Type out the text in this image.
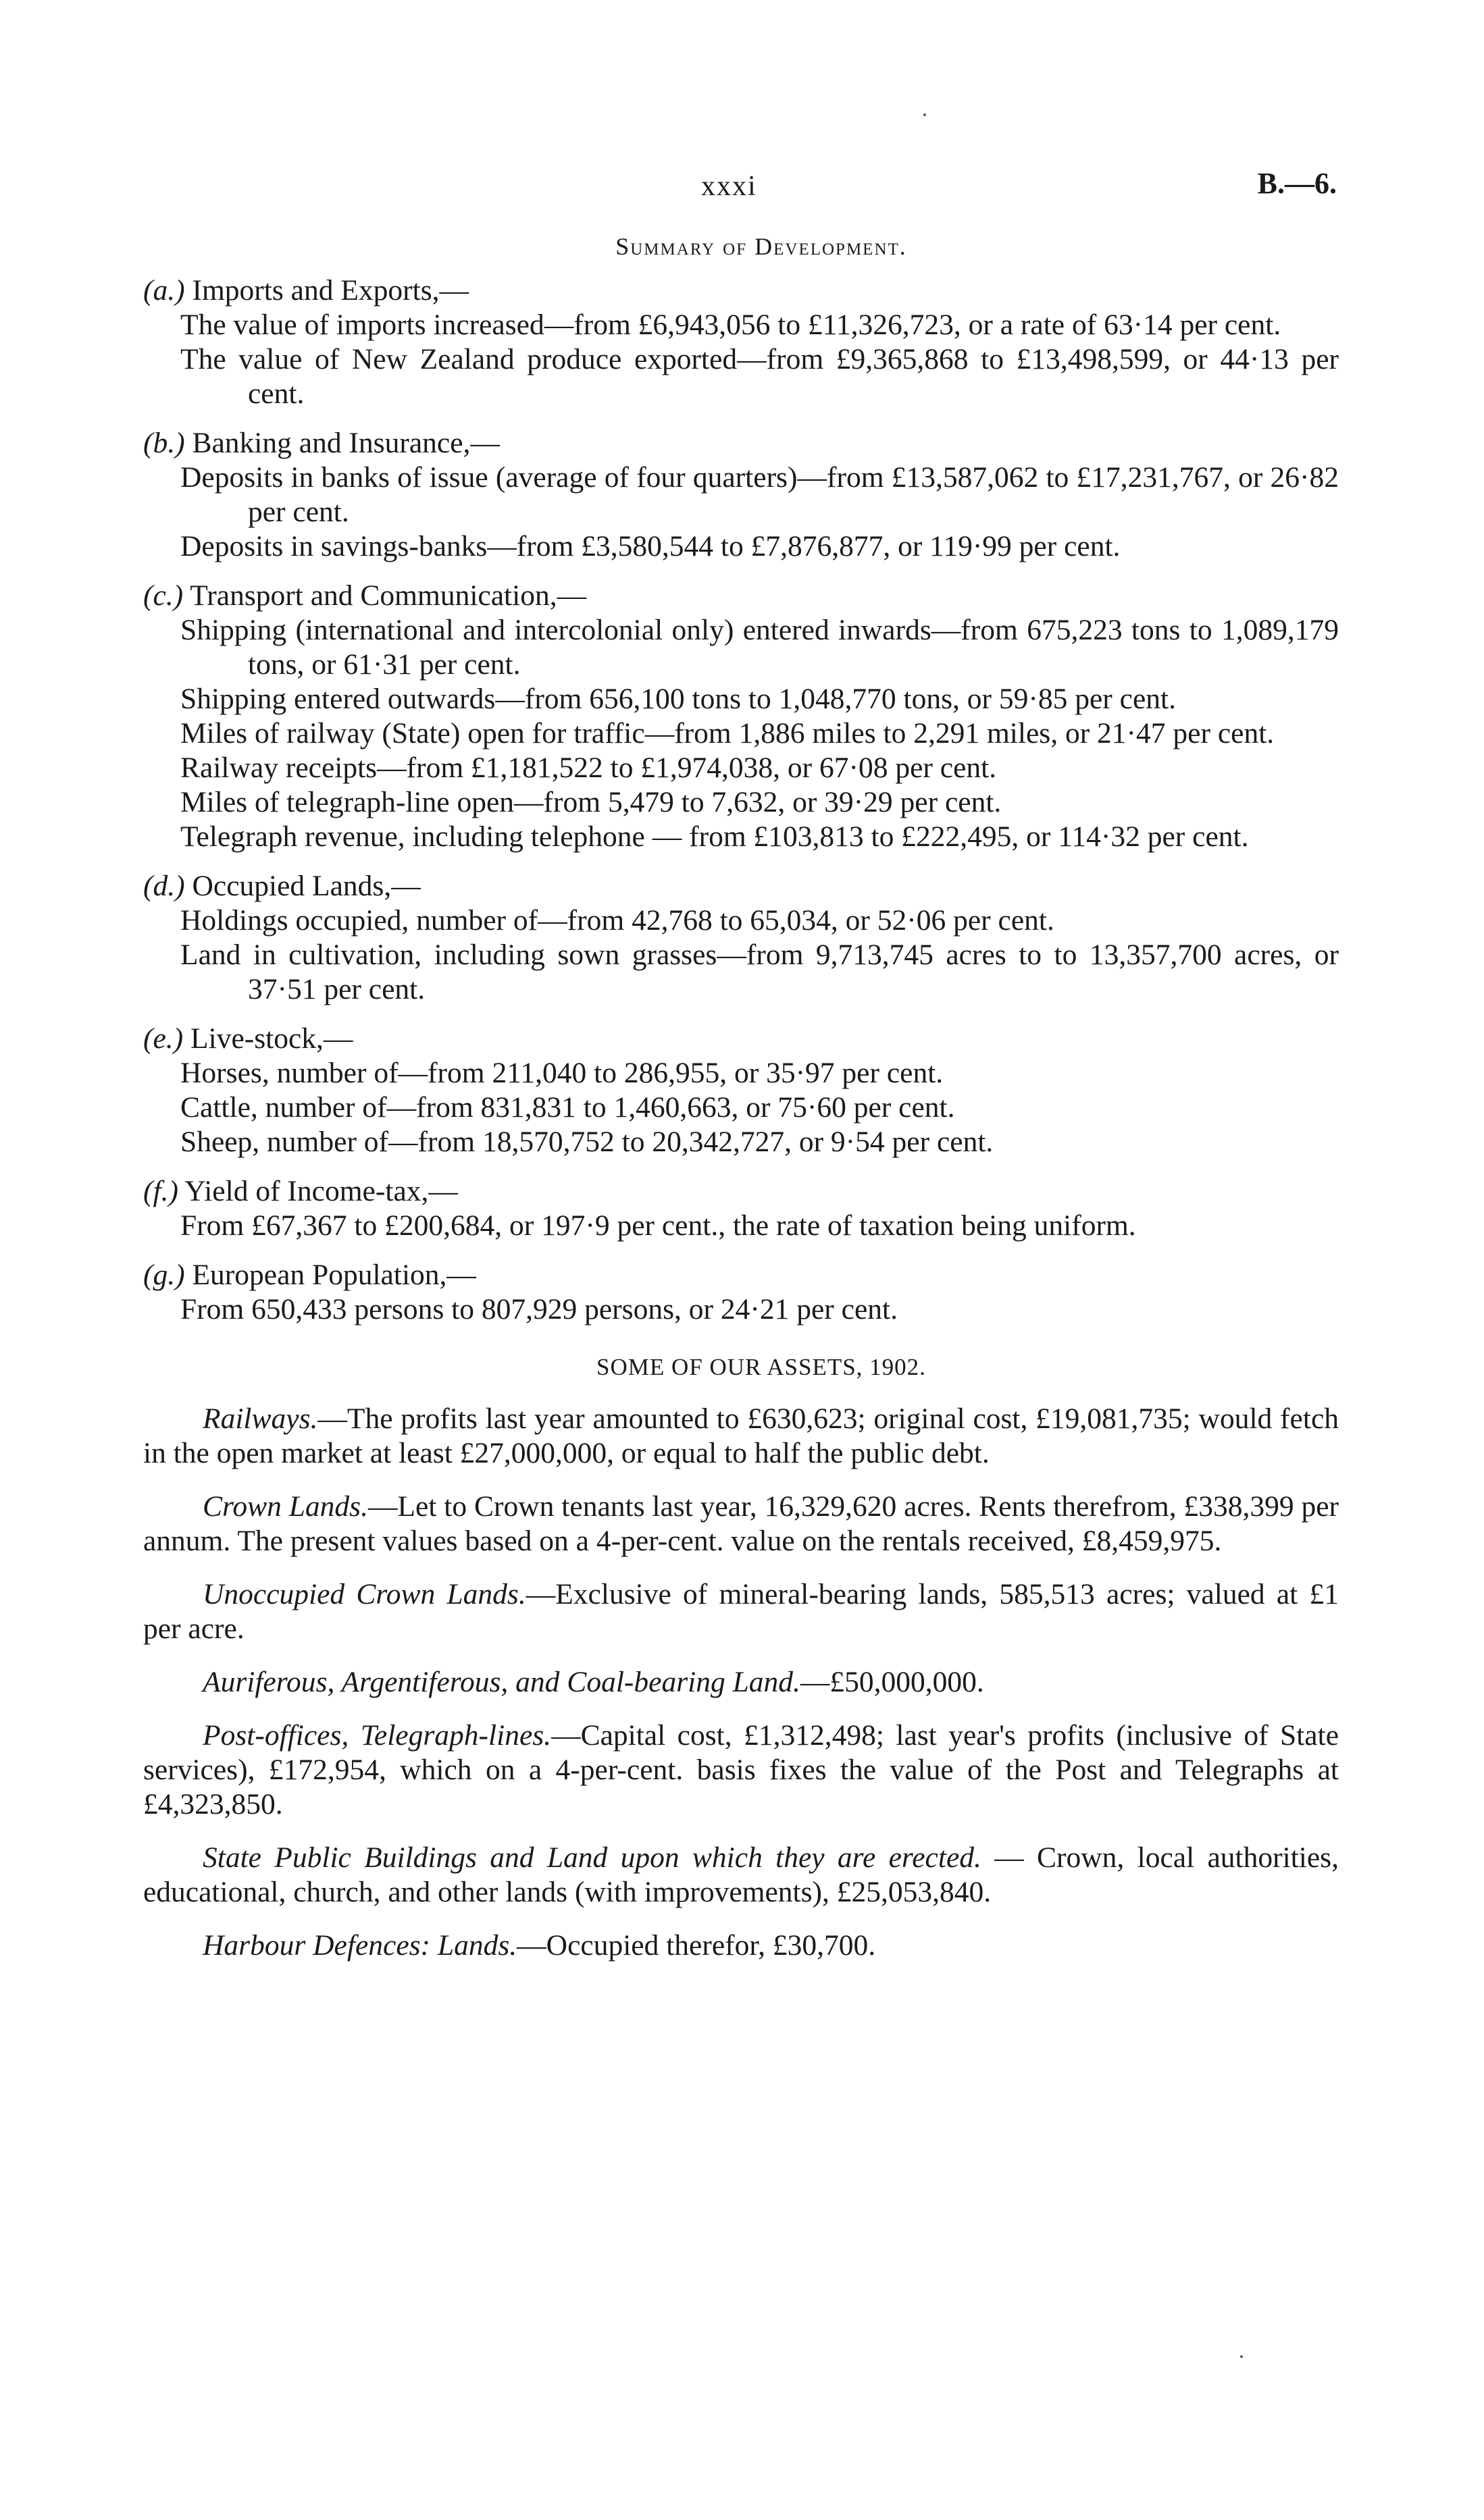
xxxi	B.—6.
Summary of Development.
(a.) Imports and Exports,—
The value of imports increased—from £6,943,056 to £11,326,723, or a rate of 63·14 per cent.
The value of New Zealand produce exported—from £9,365,868 to £13,498,599, or 44·13 per cent.
(b.) Banking and Insurance,—
Deposits in banks of issue (average of four quarters)—from £13,587,062 to £17,231,767, or 26·82 per cent.
Deposits in savings-banks—from £3,580,544 to £7,876,877, or 119·99 per cent.
(c.) Transport and Communication,—
Shipping (international and intercolonial only) entered inwards—from 675,223 tons to 1,089,179 tons, or 61·31 per cent.
Shipping entered outwards—from 656,100 tons to 1,048,770 tons, or 59·85 per cent.
Miles of railway (State) open for traffic—from 1,886 miles to 2,291 miles, or 21·47 per cent.
Railway receipts—from £1,181,522 to £1,974,038, or 67·08 per cent.
Miles of telegraph-line open—from 5,479 to 7,632, or 39·29 per cent.
Telegraph revenue, including telephone — from £103,813 to £222,495, or 114·32 per cent.
(d.) Occupied Lands,—
Holdings occupied, number of—from 42,768 to 65,034, or 52·06 per cent.
Land in cultivation, including sown grasses—from 9,713,745 acres to to 13,357,700 acres, or 37·51 per cent.
(e.) Live-stock,—
Horses, number of—from 211,040 to 286,955, or 35·97 per cent.
Cattle, number of—from 831,831 to 1,460,663, or 75·60 per cent.
Sheep, number of—from 18,570,752 to 20,342,727, or 9·54 per cent.
(f.) Yield of Income-tax,—
From £67,367 to £200,684, or 197·9 per cent., the rate of taxation being uniform.
(g.) European Population,—
From 650,433 persons to 807,929 persons, or 24·21 per cent.
SOME OF OUR ASSETS, 1902.
Railways.—The profits last year amounted to £630,623; original cost, £19,081,735; would fetch in the open market at least £27,000,000, or equal to half the public debt.
Crown Lands.—Let to Crown tenants last year, 16,329,620 acres. Rents therefrom, £338,399 per annum. The present values based on a 4-per-cent. value on the rentals received, £8,459,975.
Unoccupied Crown Lands.—Exclusive of mineral-bearing lands, 585,513 acres; valued at £1 per acre.
Auriferous, Argentiferous, and Coal-bearing Land.—£50,000,000.
Post-offices, Telegraph-lines.—Capital cost, £1,312,498; last year's profits (inclusive of State services), £172,954, which on a 4-per-cent. basis fixes the value of the Post and Telegraphs at £4,323,850.
State Public Buildings and Land upon which they are erected. — Crown, local authorities, educational, church, and other lands (with improvements), £25,053,840.
Harbour Defences: Lands.—Occupied therefor, £30,700.
